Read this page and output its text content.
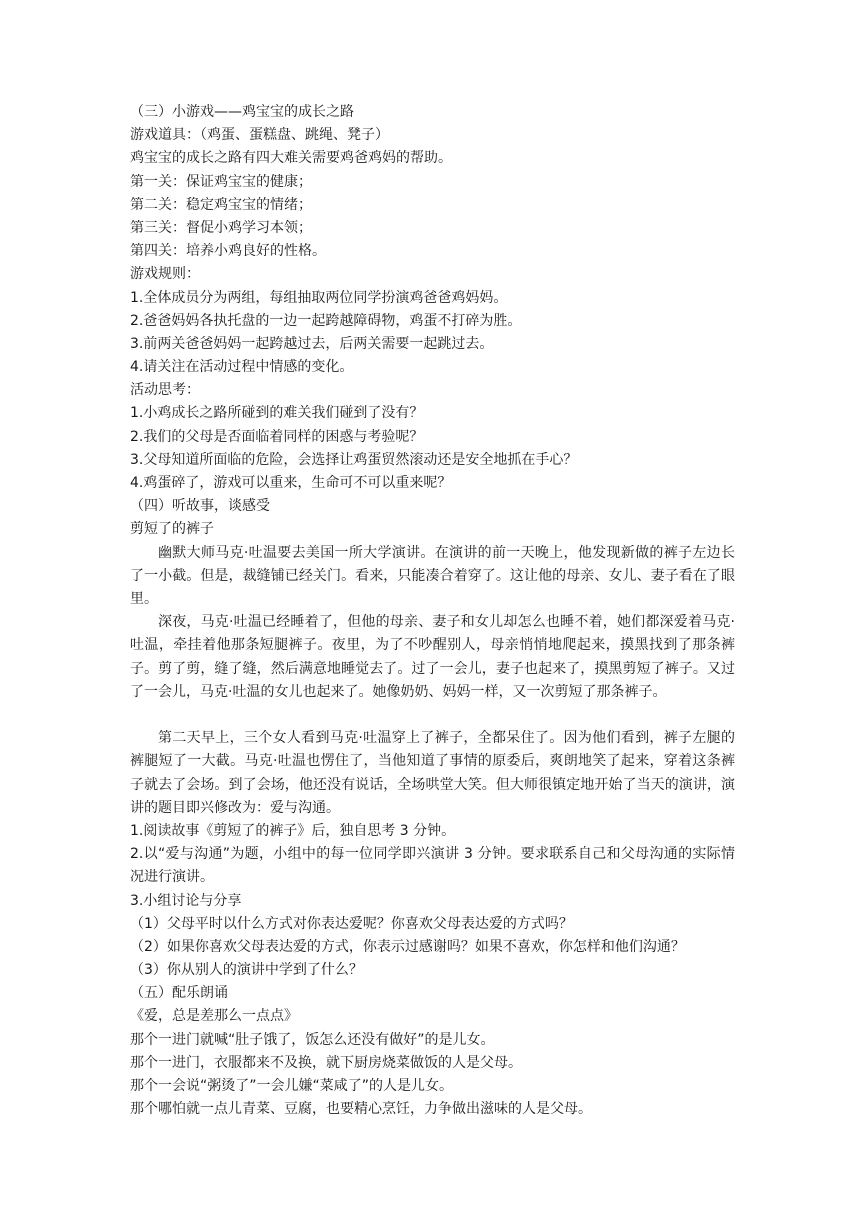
（三）小游戏——鸡宝宝的成长之路

游戏道具：（鸡蛋、蛋糕盘、跳绳、凳子）

鸡宝宝的成长之路有四大难关需要鸡爸鸡妈的帮助。

第一关：保证鸡宝宝的健康；

第二关：稳定鸡宝宝的情绪；

第三关：督促小鸡学习本领；

第四关：培养小鸡良好的性格。

游戏规则：

1.全体成员分为两组，每组抽取两位同学扮演鸡爸爸鸡妈妈。

2.爸爸妈妈各执托盘的一边一起跨越障碍物，鸡蛋不打碎为胜。

3.前两关爸爸妈妈一起跨越过去，后两关需要一起跳过去。

4.请关注在活动过程中情感的变化。

活动思考：

1.小鸡成长之路所碰到的难关我们碰到了没有？

2.我们的父母是否面临着同样的困惑与考验呢？

3.父母知道所面临的危险，会选择让鸡蛋贸然滚动还是安全地抓在手心？

4.鸡蛋碎了，游戏可以重来，生命可不可以重来呢？

（四）听故事，谈感受

剪短了的裤子

幽默大师马克·吐温要去美国一所大学演讲。在演讲的前一天晚上，他发现新做的裤子左边长了一小截。但是，裁缝铺已经关门。看来，只能凑合着穿了。这让他的母亲、女儿、妻子看在了眼里。

深夜，马克·吐温已经睡着了，但他的母亲、妻子和女儿却怎么也睡不着，她们都深爱着马克·吐温，牵挂着他那条短腿裤子。夜里，为了不吵醒别人，母亲悄悄地爬起来，摸黑找到了那条裤子。剪了剪，缝了缝，然后满意地睡觉去了。过了一会儿，妻子也起来了，摸黑剪短了裤子。又过了一会儿，马克·吐温的女儿也起来了。她像奶奶、妈妈一样，又一次剪短了那条裤子。

第二天早上，三个女人看到马克·吐温穿上了裤子，全都呆住了。因为他们看到，裤子左腿的裤腿短了一大截。马克·吐温也愣住了，当他知道了事情的原委后，爽朗地笑了起来，穿着这条裤子就去了会场。到了会场，他还没有说话，全场哄堂大笑。但大师很镇定地开始了当天的演讲，演讲的题目即兴修改为：爱与沟通。

1.阅读故事《剪短了的裤子》后，独自思考 3 分钟。

2.以“爱与沟通”为题，小组中的每一位同学即兴演讲 3 分钟。要求联系自己和父母沟通的实际情况进行演讲。

3.小组讨论与分享

（1）父母平时以什么方式对你表达爱呢？你喜欢父母表达爱的方式吗？

（2）如果你喜欢父母表达爱的方式，你表示过感谢吗？如果不喜欢，你怎样和他们沟通？

（3）你从别人的演讲中学到了什么？

（五）配乐朗诵

《爱，总是差那么一点点》

那个一进门就喊“肚子饿了，饭怎么还没有做好”的是儿女。

那个一进门，衣服都来不及换，就下厨房烧菜做饭的人是父母。

那个一会说“粥烫了”一会儿嫌“菜咸了”的人是儿女。

那个哪怕就一点儿青菜、豆腐，也要精心烹饪，力争做出滋味的人是父母。
